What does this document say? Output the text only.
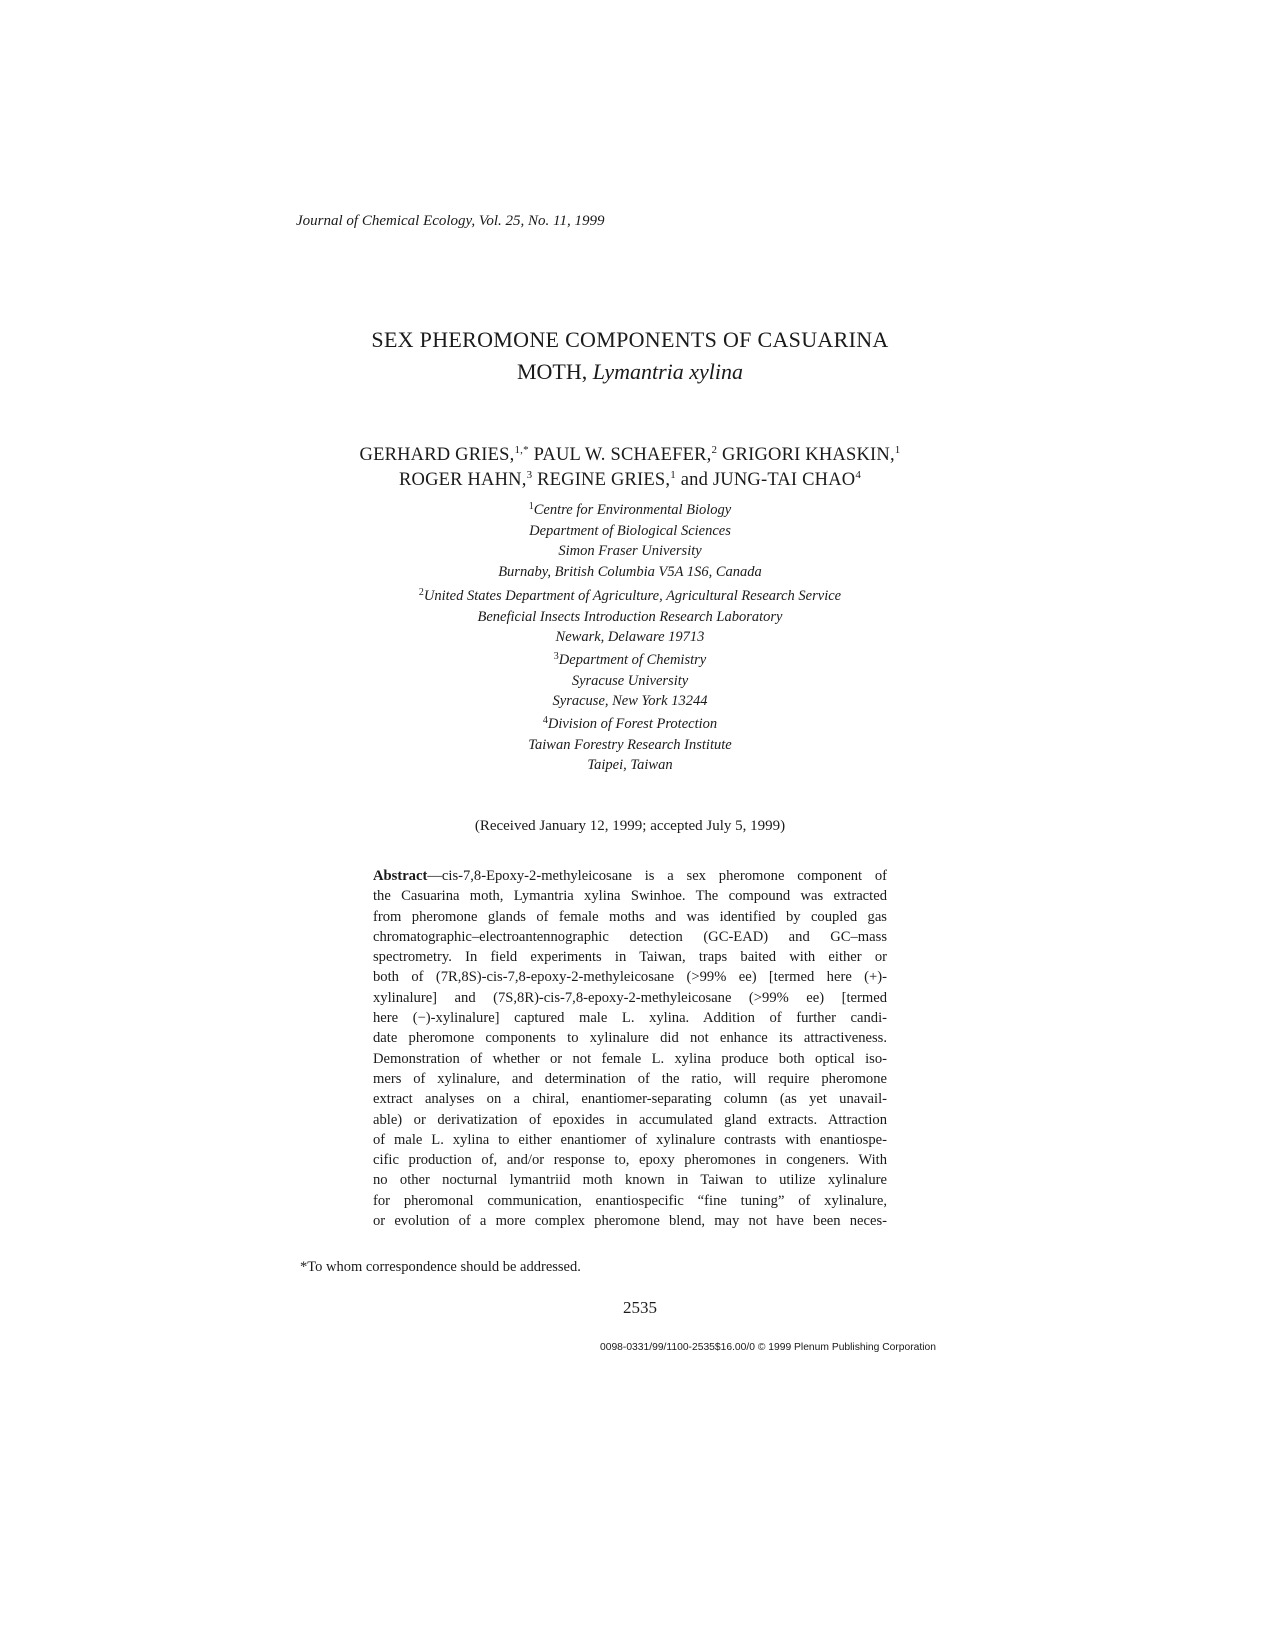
Journal of Chemical Ecology, Vol. 25, No. 11, 1999
SEX PHEROMONE COMPONENTS OF CASUARINA
MOTH, Lymantria xylina
GERHARD GRIES,$^{1,*}$ PAUL W. SCHAEFER,$^2$ GRIGORI KHASKIN,$^1$
ROGER HAHN,$^3$ REGINE GRIES,$^1$ and JUNG-TAI CHAO$^4$
$^1$Centre for Environmental Biology
Department of Biological Sciences
Simon Fraser University
Burnaby, British Columbia V5A 1S6, Canada
$^2$United States Department of Agriculture, Agricultural Research Service
Beneficial Insects Introduction Research Laboratory
Newark, Delaware 19713
$^3$Department of Chemistry
Syracuse University
Syracuse, New York 13244
$^4$Division of Forest Protection
Taiwan Forestry Research Institute
Taipei, Taiwan
(Received January 12, 1999; accepted July 5, 1999)
Abstract—cis-7,8-Epoxy-2-methyleicosane is a sex pheromone component of
the Casuarina moth, Lymantria xylina Swinhoe. The compound was extracted
from pheromone glands of female moths and was identified by coupled gas
chromatographic–electroantennographic detection (GC-EAD) and GC–mass
spectrometry. In field experiments in Taiwan, traps baited with either or
both of (7R,8S)-cis-7,8-epoxy-2-methyleicosane (>99% ee) [termed here (+)-
xylinalure] and (7S,8R)-cis-7,8-epoxy-2-methyleicosane (>99% ee) [termed
here (−)-xylinalure] captured male L. xylina. Addition of further candi-
date pheromone components to xylinalure did not enhance its attractiveness.
Demonstration of whether or not female L. xylina produce both optical iso-
mers of xylinalure, and determination of the ratio, will require pheromone
extract analyses on a chiral, enantiomer-separating column (as yet unavail-
able) or derivatization of epoxides in accumulated gland extracts. Attraction
of male L. xylina to either enantiomer of xylinalure contrasts with enantiospe-
cific production of, and/or response to, epoxy pheromones in congeners. With
no other nocturnal lymantriid moth known in Taiwan to utilize xylinalure
for pheromonal communication, enantiospecific “fine tuning” of xylinalure,
or evolution of a more complex pheromone blend, may not have been neces-
*To whom correspondence should be addressed.
2535
0098-0331/99/1100-2535$16.00/0 © 1999 Plenum Publishing Corporation
